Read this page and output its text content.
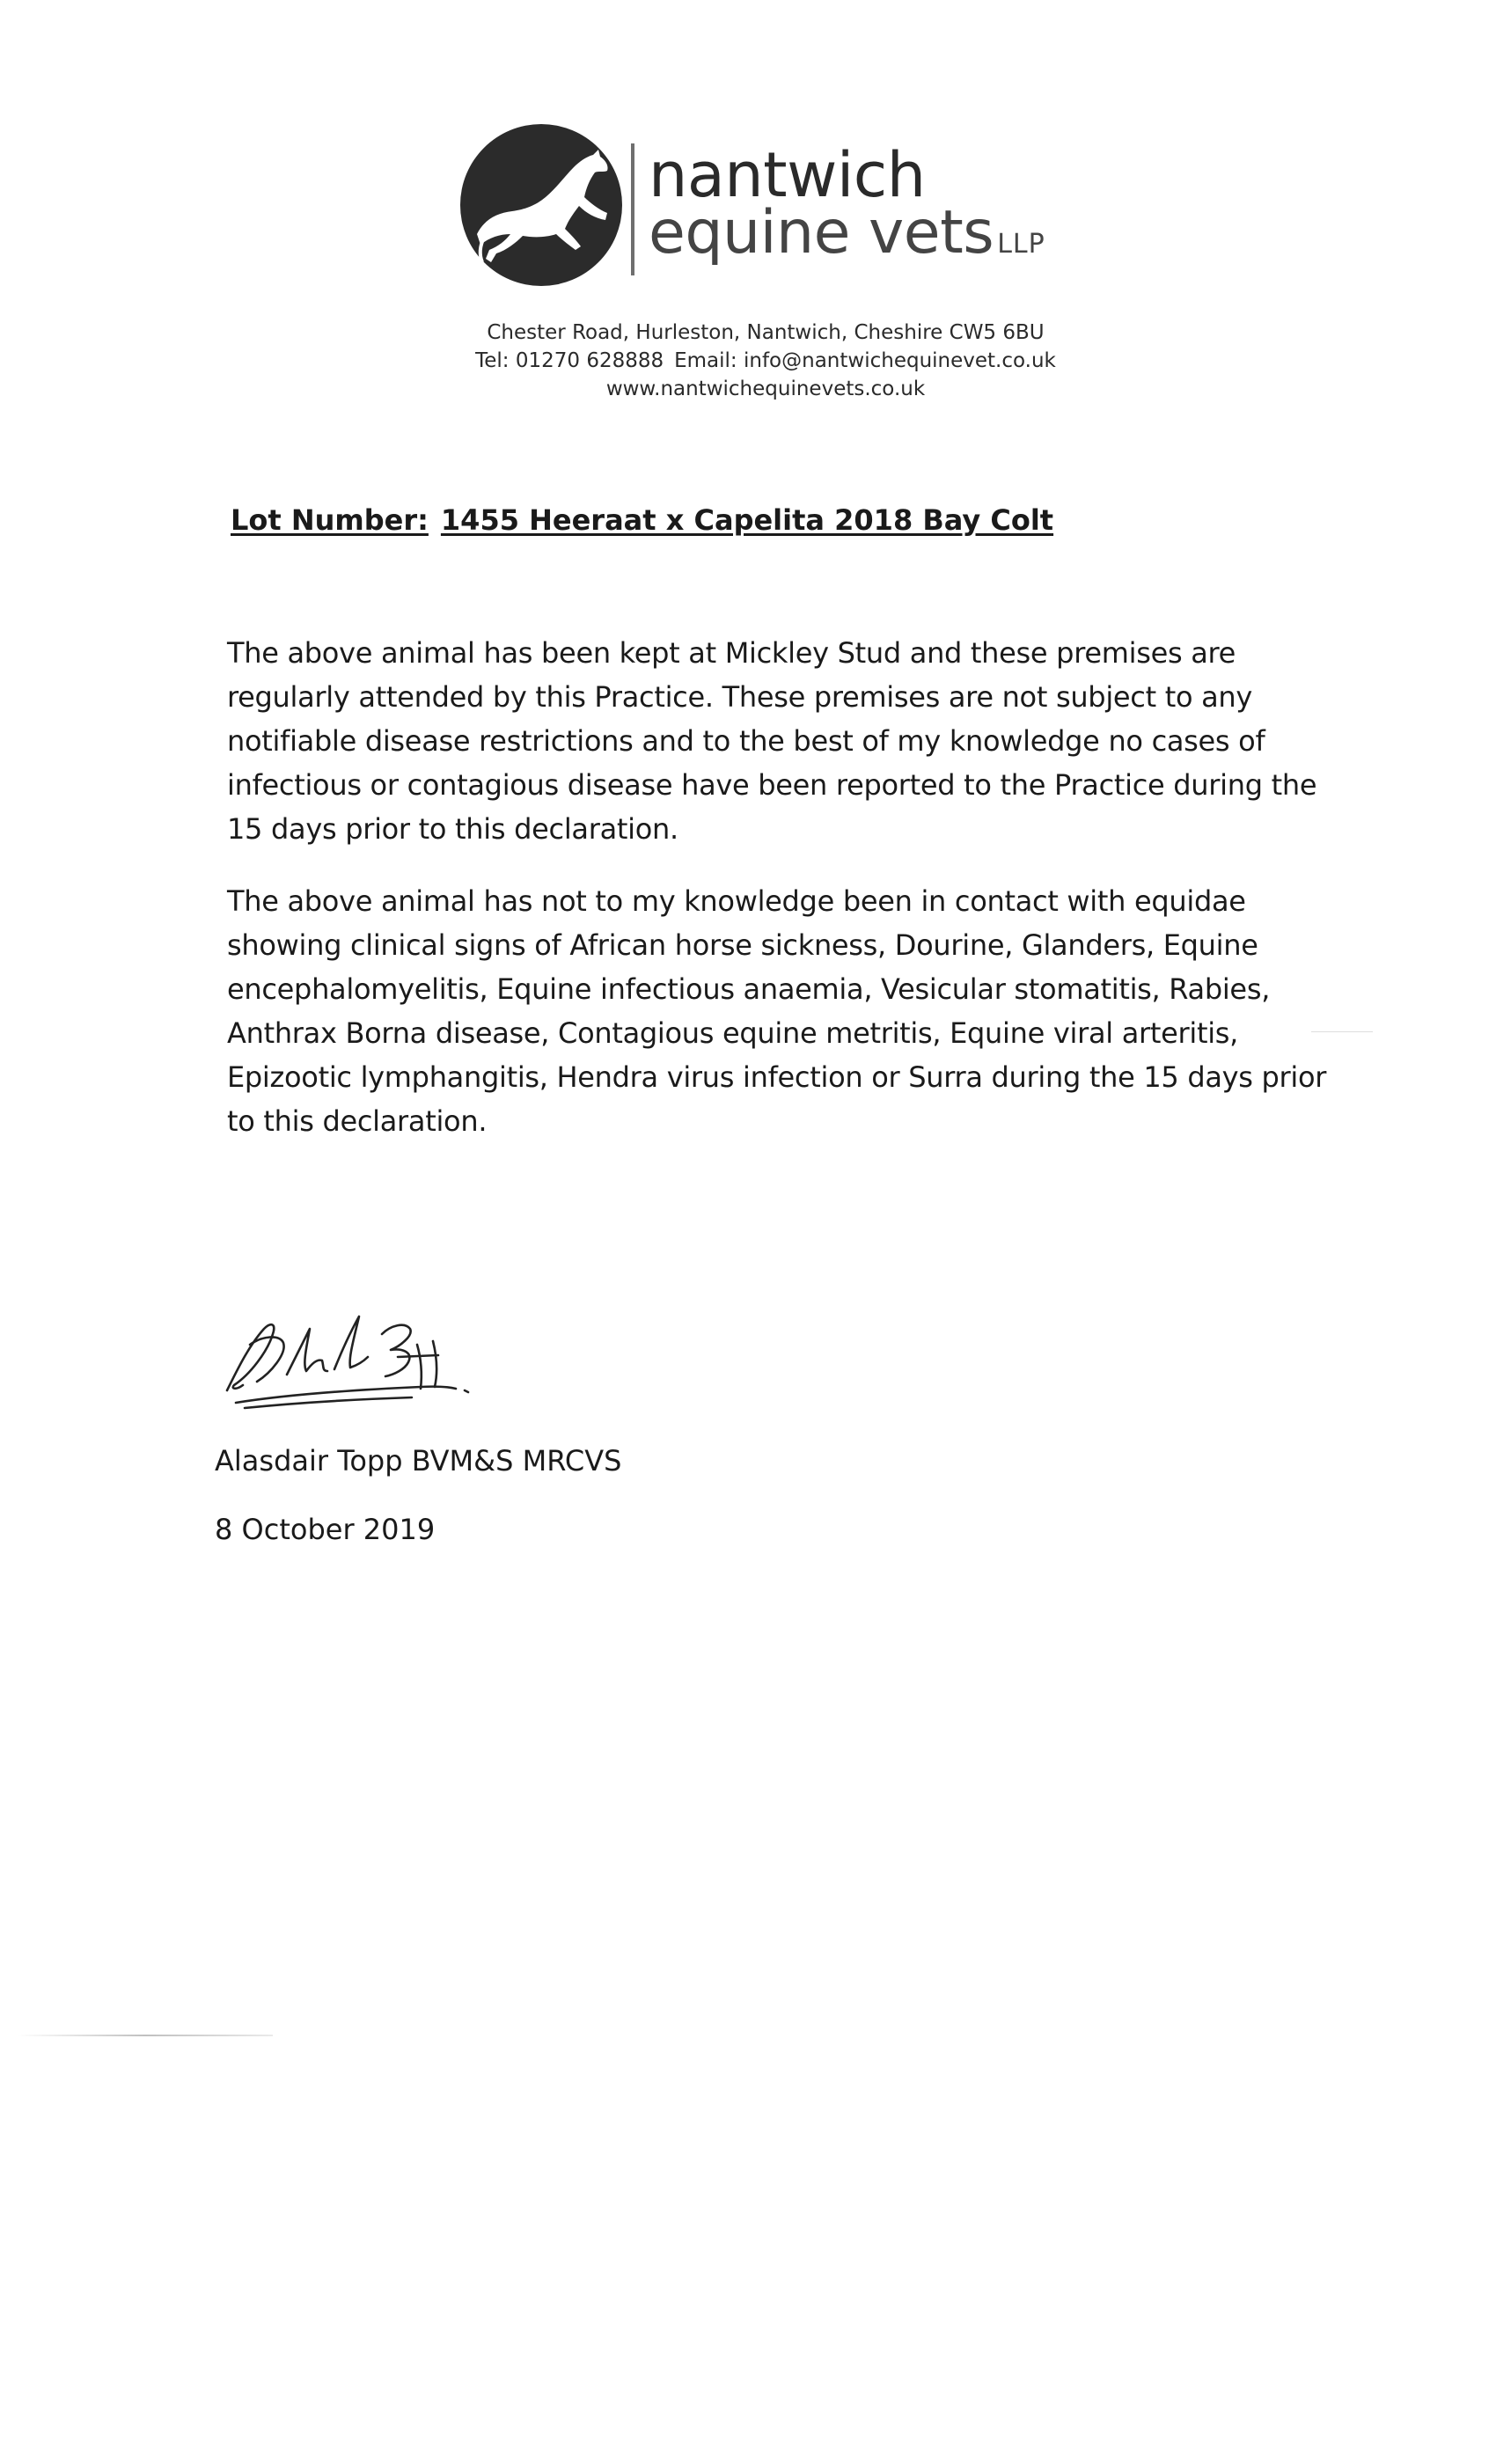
nantwich
equine vets LLP
Chester Road, Hurleston, Nantwich, Cheshire CW5 6BU
Tel: 01270 628888 Email: info@nantwichequinevet.co.uk
www.nantwichequinevets.co.uk
Lot Number: 1455 Heeraat x Capelita 2018 Bay Colt
The above animal has been kept at Mickley Stud and these premises are
regularly attended by this Practice. These premises are not subject to any
notifiable disease restrictions and to the best of my knowledge no cases of
infectious or contagious disease have been reported to the Practice during the
15 days prior to this declaration.
The above animal has not to my knowledge been in contact with equidae
showing clinical signs of African horse sickness, Dourine, Glanders, Equine
encephalomyelitis, Equine infectious anaemia, Vesicular stomatitis, Rabies,
Anthrax Borna disease, Contagious equine metritis, Equine viral arteritis,
Epizootic lymphangitis, Hendra virus infection or Surra during the 15 days prior
to this declaration.
Alasdair Topp BVM&S MRCVS
8 October 2019
